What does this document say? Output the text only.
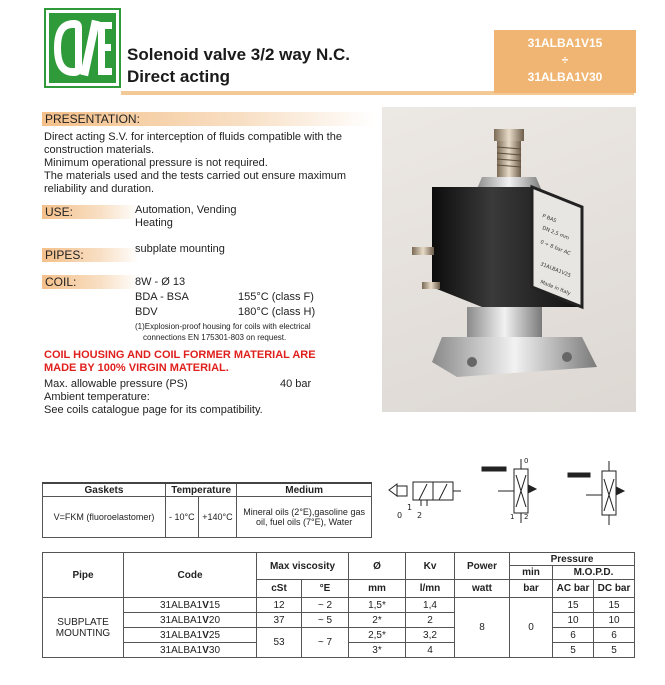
Solenoid valve 3/2 way N.C.
Direct acting
31ALBA1V15
÷
31ALBA1V30
PRESENTATION:
Direct acting S.V. for interception of fluids compatible with the
construction materials.
Minimum operational pressure is not required.
The materials used and the tests carried out ensure maximum
reliability and duration.
USE:	Automation, Vending
Heating
PIPES:	subplate mounting
COIL:	8W - Ø 13
BDA - BSA	155°C (class F)
BDV	180°C (class H)
(1)Explosion-proof housing for coils with electrical
connections EN 175301-803 on request.
COIL HOUSING AND COIL FORMER MATERIAL ARE
MADE BY 100% VIRGIN MATERIAL.
Max. allowable pressure (PS)	40 bar
Ambient temperature:
See coils catalogue page for its compatibility.
P BAS
DN 2,5 mm
0 ÷ 8 bar AC
31ALBA1V25
Made in Italy
0 2
1
0
2
1
Gaskets	Temperature		Medium
V=FKM (fluoroelastomer)	- 10°C	+140°C	Mineral oils (2°E),gasoline gas oil, fuel oils (7°E), Water
Pipe	Code	Max viscosity		Ø	Kv	Power	Pressure		
							min	M.O.P.D.	
		cSt	°E	mm	l/mn	watt	bar	AC bar	DC bar

SUBPLATE
MOUNTING	31ALBA1V15	12	~ 2	1,5*	1,4	8	0	15	15
	31ALBA1V20	37	~ 5	2*	2			10	10
	31ALBA1V25	53	~ 7	2,5*	3,2			6	6
	31ALBA1V30			3*	4			5	5
